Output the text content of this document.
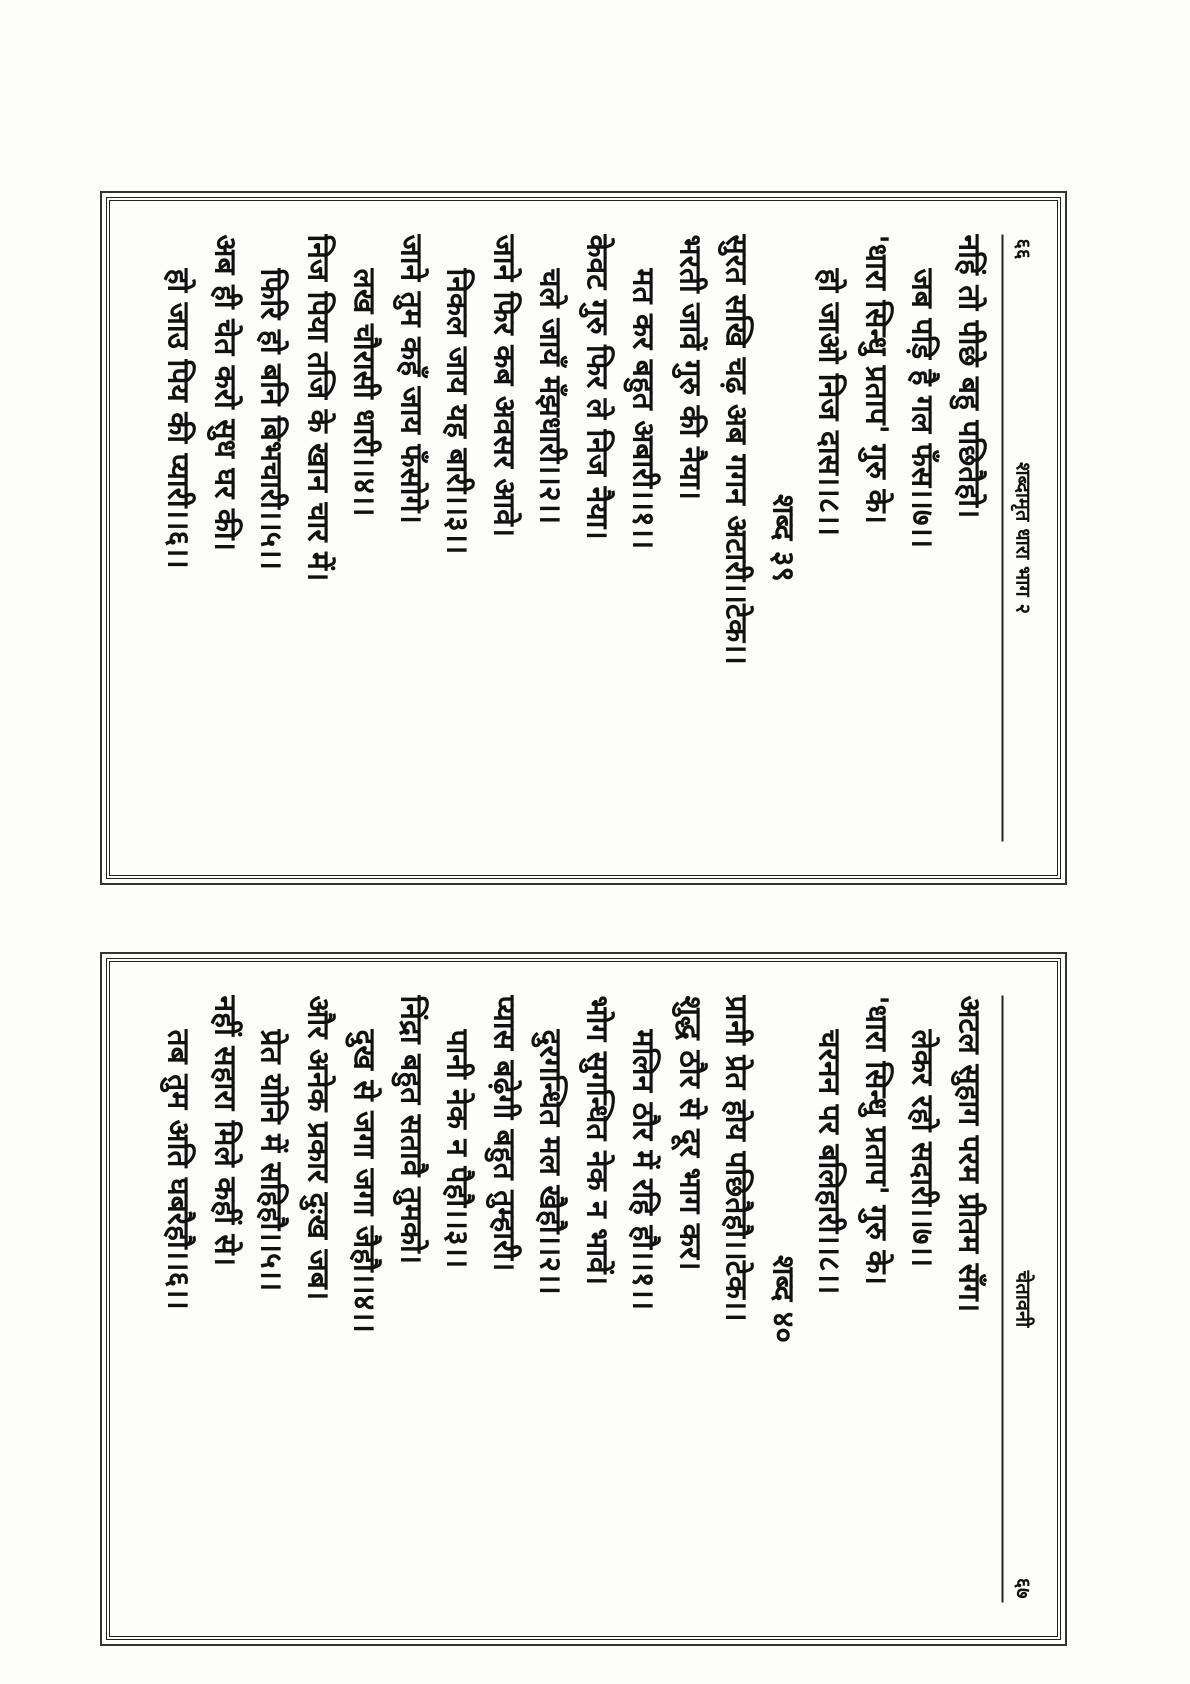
६६
शब्दामृत धारा भाग २
नहिं तो पीछे बहु पछितैहो।
जब पड़ि है गल फँस।।७।।
'धारा सिन्धु प्रताप' गुरु के।
हो जाओ निज दास।।८।।
शब्द ३९
सुरत सखि चढ़ अब गगन अटारी।।टेक।।
भरती जावें गुरु की नैया।
मत कर बहुत अबारी।।१।।
केवट गुरु फिर ले निज नैया।
चले जायँ मँझधारी।।२।।
जाने फिर कब अवसर आवे।
निकल जाय यह बारी।।३।।
जाने तुम कहँ जाय फँसोगे।
लख चौरासी धारी।।४।।
निज पिया तजि के खान चार में।
फिरि हो बनि बिभचारी।।५।।
अब ही चेत करो सुध घर की।
हो जाउ पिय की प्यारी।।६।।
चेतावनी
६७
अटल सुहाग परम प्रीतम सँग।
लेकर रहो सदारी।।७।।
'धारा सिन्धु प्रताप' गुरु के।
चरनन पर बलिहारी।।८।।
शब्द ४०
प्रानी प्रेत होय पछितैहौ।।टेक।।
शुद्ध ठौर से दूर भाग कर।
मलिन ठौर में रहि हौ।।१।।
भोग सुगन्धित नेक न भावें।
दुरगन्धित मल खैहौ।।२।।
प्यास बढ़ेगी बहुत तुम्हारी।
पानी नेक न पैहौ।।३।।
निंद्रा बहुत सतावै तुमको।
दुख से जगा जगा जैहौ।।४।।
और अनेक प्रकार दुःख जब।
प्रेत योनि में सहिहौ।।५।।
नहीं सहारा मिले कहीं से।
तब तुम अति घबरैहौ।।६।।
